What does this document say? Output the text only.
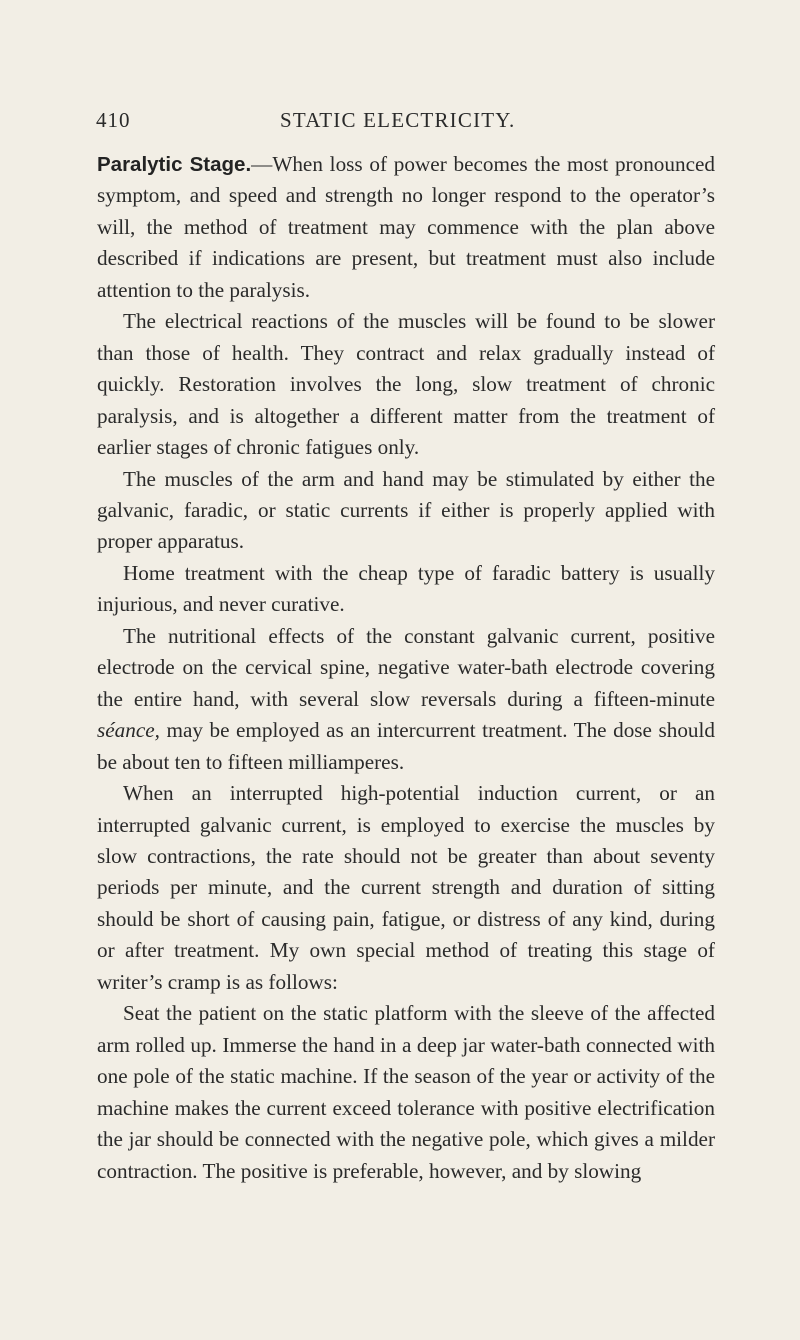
410	STATIC ELECTRICITY.

Paralytic Stage.—When loss of power becomes the most pronounced symptom, and speed and strength no longer respond to the operator’s will, the method of treatment may commence with the plan above described if indications are present, but treatment must also include attention to the paralysis.

The electrical reactions of the muscles will be found to be slower than those of health. They contract and relax gradually instead of quickly. Restoration involves the long, slow treatment of chronic paralysis, and is altogether a different matter from the treatment of earlier stages of chronic fatigues only.

The muscles of the arm and hand may be stimulated by either the galvanic, faradic, or static currents if either is properly applied with proper apparatus.

Home treatment with the cheap type of faradic battery is usually injurious, and never curative.

The nutritional effects of the constant galvanic current, positive electrode on the cervical spine, negative water-bath electrode covering the entire hand, with several slow reversals during a fifteen-minute séance, may be employed as an intercurrent treatment. The dose should be about ten to fifteen milliamperes.

When an interrupted high-potential induction current, or an interrupted galvanic current, is employed to exercise the muscles by slow contractions, the rate should not be greater than about seventy periods per minute, and the current strength and duration of sitting should be short of causing pain, fatigue, or distress of any kind, during or after treatment. My own special method of treating this stage of writer’s cramp is as follows:

Seat the patient on the static platform with the sleeve of the affected arm rolled up. Immerse the hand in a deep jar water-bath connected with one pole of the static machine. If the season of the year or activity of the machine makes the current exceed tolerance with positive electrification the jar should be connected with the negative pole, which gives a milder contraction. The positive is preferable, however, and by slowing
